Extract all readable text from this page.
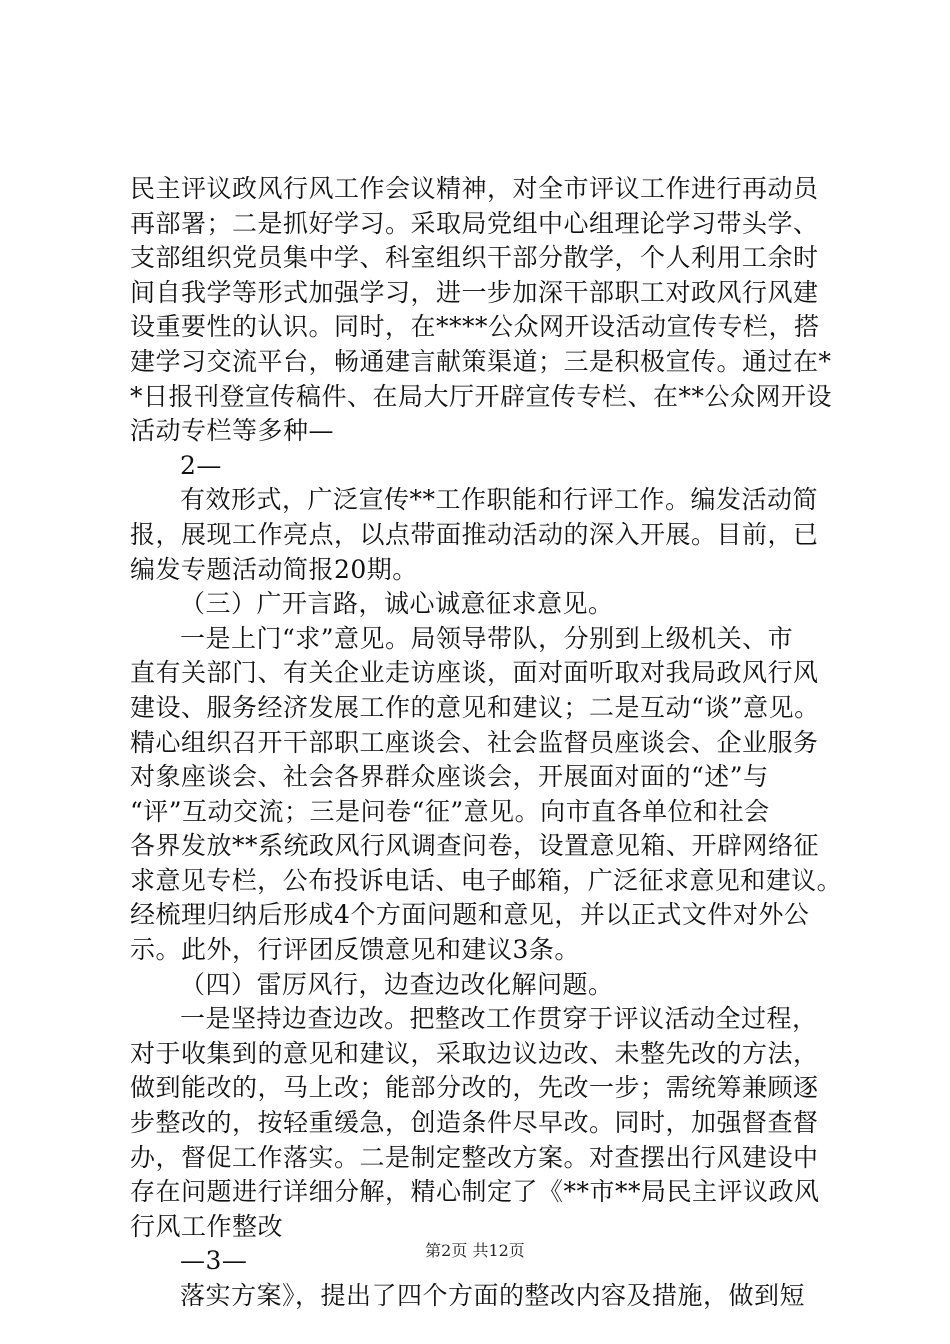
民主评议政风行风工作会议精神，对全市评议工作进行再动员
再部署；二是抓好学习。采取局党组中心组理论学习带头学、
支部组织党员集中学、科室组织干部分散学，个人利用工余时
间自我学等形式加强学习，进一步加深干部职工对政风行风建
设重要性的认识。同时，在****公众网开设活动宣传专栏，搭
建学习交流平台，畅通建言献策渠道；三是积极宣传。通过在*
*日报刊登宣传稿件、在局大厅开辟宣传专栏、在**公众网开设
活动专栏等多种—
2—
有效形式，广泛宣传**工作职能和行评工作。编发活动简
报，展现工作亮点，以点带面推动活动的深入开展。目前，已
编发专题活动简报20期。
（三）广开言路，诚心诚意征求意见。
一是上门“求”意见。局领导带队，分别到上级机关、市
直有关部门、有关企业走访座谈，面对面听取对我局政风行风
建设、服务经济发展工作的意见和建议；二是互动“谈”意见。
精心组织召开干部职工座谈会、社会监督员座谈会、企业服务
对象座谈会、社会各界群众座谈会，开展面对面的“述”与
“评”互动交流；三是问卷“征”意见。向市直各单位和社会
各界发放**系统政风行风调查问卷，设置意见箱、开辟网络征
求意见专栏，公布投诉电话、电子邮箱，广泛征求意见和建议。
经梳理归纳后形成4个方面问题和意见，并以正式文件对外公
示。此外，行评团反馈意见和建议3条。
（四）雷厉风行，边查边改化解问题。
一是坚持边查边改。把整改工作贯穿于评议活动全过程，
对于收集到的意见和建议，采取边议边改、未整先改的方法，
做到能改的，马上改；能部分改的，先改一步；需统筹兼顾逐
步整改的，按轻重缓急，创造条件尽早改。同时，加强督查督
办，督促工作落实。二是制定整改方案。对查摆出行风建设中
存在问题进行详细分解，精心制定了《**市**局民主评议政风
行风工作整改
—3—
落实方案》，提出了四个方面的整改内容及措施，做到短
第2页 共12页
